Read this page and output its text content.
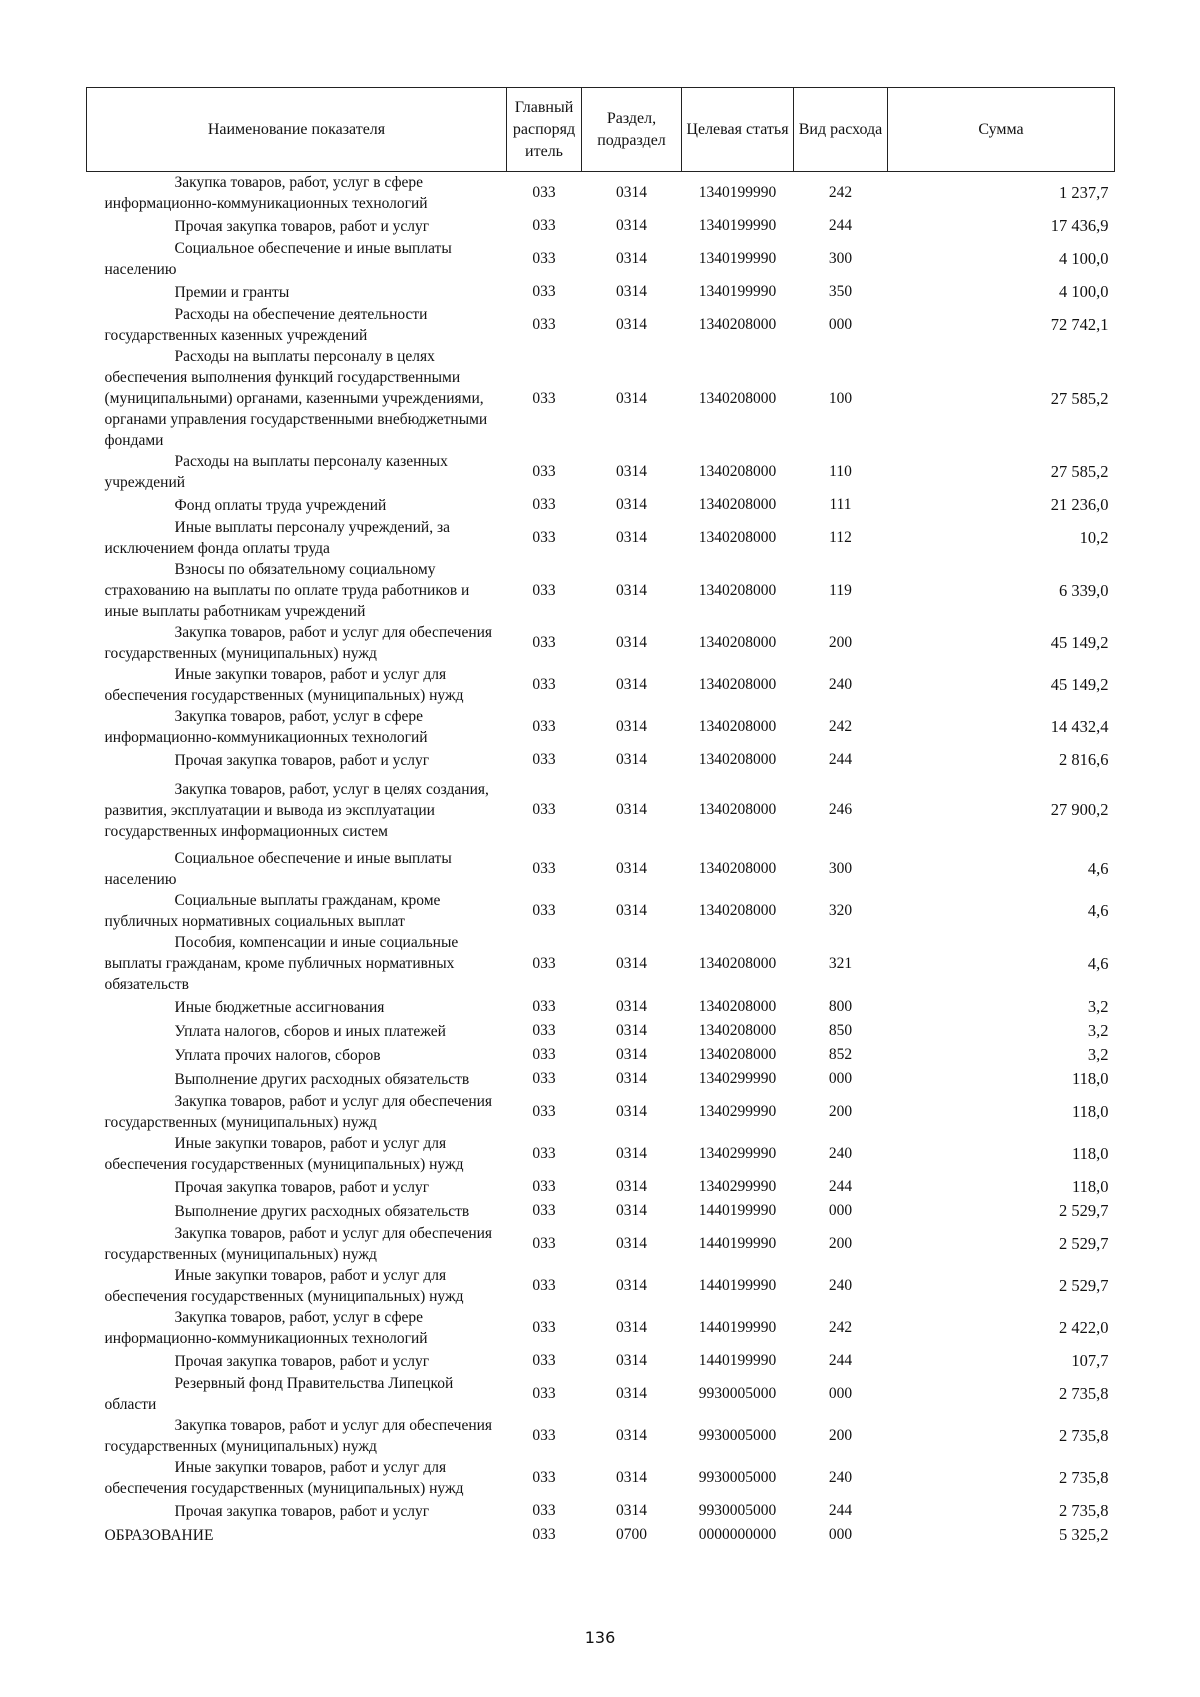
Наименование показателя	Главный распоряд итель	Раздел, подраздел	Целевая статья	Вид расхода	Сумма
Закупка товаров, работ, услуг в сфере информационно-коммуникационных технологий	033	0314	1340199990	242	1 237,7
Прочая закупка товаров, работ и услуг	033	0314	1340199990	244	17 436,9
Социальное обеспечение и иные выплаты населению	033	0314	1340199990	300	4 100,0
Премии и гранты	033	0314	1340199990	350	4 100,0
Расходы на обеспечение деятельности государственных казенных учреждений	033	0314	1340208000	000	72 742,1
Расходы на выплаты персоналу в целях обеспечения выполнения функций государственными (муниципальными) органами, казенными учреждениями, органами управления государственными внебюджетными фондами	033	0314	1340208000	100	27 585,2
Расходы на выплаты персоналу казенных учреждений	033	0314	1340208000	110	27 585,2
Фонд оплаты труда учреждений	033	0314	1340208000	111	21 236,0
Иные выплаты персоналу учреждений, за исключением фонда оплаты труда	033	0314	1340208000	112	10,2
Взносы по обязательному социальному страхованию на выплаты по оплате труда работников и иные выплаты работникам учреждений	033	0314	1340208000	119	6 339,0
Закупка товаров, работ и услуг для обеспечения государственных (муниципальных) нужд	033	0314	1340208000	200	45 149,2
Иные закупки товаров, работ и услуг для обеспечения государственных (муниципальных) нужд	033	0314	1340208000	240	45 149,2
Закупка товаров, работ, услуг в сфере информационно-коммуникационных технологий	033	0314	1340208000	242	14 432,4
Прочая закупка товаров, работ и услуг	033	0314	1340208000	244	2 816,6
Закупка товаров, работ, услуг в целях создания, развития, эксплуатации и вывода из эксплуатации государственных информационных систем	033	0314	1340208000	246	27 900,2
Социальное обеспечение и иные выплаты населению	033	0314	1340208000	300	4,6
Социальные выплаты гражданам, кроме публичных нормативных социальных выплат	033	0314	1340208000	320	4,6
Пособия, компенсации и иные социальные выплаты гражданам, кроме публичных нормативных обязательств	033	0314	1340208000	321	4,6
Иные бюджетные ассигнования	033	0314	1340208000	800	3,2
Уплата налогов, сборов и иных платежей	033	0314	1340208000	850	3,2
Уплата прочих налогов, сборов	033	0314	1340208000	852	3,2
Выполнение других расходных обязательств	033	0314	1340299990	000	118,0
Закупка товаров, работ и услуг для обеспечения государственных (муниципальных) нужд	033	0314	1340299990	200	118,0
Иные закупки товаров, работ и услуг для обеспечения государственных (муниципальных) нужд	033	0314	1340299990	240	118,0
Прочая закупка товаров, работ и услуг	033	0314	1340299990	244	118,0
Выполнение других расходных обязательств	033	0314	1440199990	000	2 529,7
Закупка товаров, работ и услуг для обеспечения государственных (муниципальных) нужд	033	0314	1440199990	200	2 529,7
Иные закупки товаров, работ и услуг для обеспечения государственных (муниципальных) нужд	033	0314	1440199990	240	2 529,7
Закупка товаров, работ, услуг в сфере информационно-коммуникационных технологий	033	0314	1440199990	242	2 422,0
Прочая закупка товаров, работ и услуг	033	0314	1440199990	244	107,7
Резервный фонд Правительства Липецкой области	033	0314	9930005000	000	2 735,8
Закупка товаров, работ и услуг для обеспечения государственных (муниципальных) нужд	033	0314	9930005000	200	2 735,8
Иные закупки товаров, работ и услуг для обеспечения государственных (муниципальных) нужд	033	0314	9930005000	240	2 735,8
Прочая закупка товаров, работ и услуг	033	0314	9930005000	244	2 735,8
ОБРАЗОВАНИЕ	033	0700	0000000000	000	5 325,2
136
